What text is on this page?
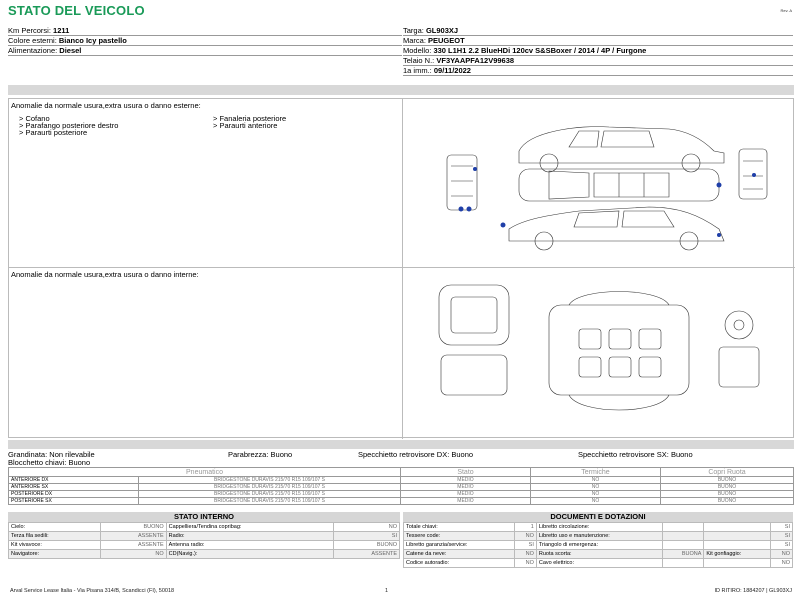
STATO DEL VEICOLO	Rev. A
Km Percorsi: 1211
Colore esterni: Bianco Icy pastello
Alimentazione: Diesel
Targa: GL903XJ
Marca: PEUGEOT
Modello: 330 L1H1 2.2 BlueHDi 120cv S&SBoxer / 2014 / 4P / Furgone
Telaio N.: VF3YAAPFA12V99638
1a imm.: 09/11/2022
Anomalie da normale usura,extra usura o danno esterne:
> Cofano
> Parafango posteriore destro
> Paraurti posteriore
> Fanaleria posteriore
> Paraurti anteriore
Anomalie da normale usura,extra usura o danno interne:
Grandinata: Non rilevabile	Parabrezza: Buono	Specchietto retrovisore DX: Buono	Specchietto retrovisore SX: Buono
Blocchetto chiavi: Buono
Pneumatico		Stato	Termiche	Copri Ruota
ANTERIORE DX	BRIDGESTONE DURAVIS 215/70 R15 109/107 S	MEDIO	NO	BUONO
ANTERIORE SX	BRIDGESTONE DURAVIS 215/70 R15 109/107 S	MEDIO	NO	BUONO
POSTERIORE DX	BRIDGESTONE DURAVIS 215/70 R15 109/107 S	MEDIO	NO	BUONO
POSTERIORE SX	BRIDGESTONE DURAVIS 215/70 R15 109/107 S	MEDIO	NO	BUONO
STATO INTERNO
Cielo:	BUONO	Cappelliera/Tendina copribag:	NO
Terza fila sedili:	ASSENTE	Radio:	SI
Kit vivavoce:	ASSENTE	Antenna radio:	BUONO
Navigatore:	NO	CD(Navig.):	ASSENTE
DOCUMENTI E DOTAZIONI
Totale chiavi:	1	Libretto circolazione:			SI
Tessere code:	NO	Libretto uso e manutenzione:			SI
Libretto garanzia/service:	SI	Triangolo di emergenza:			SI
Catene da neve:	NO	Ruota scorta:	BUONA	Kit gonfiaggio:	NO
Codice autoradio:	NO	Cavo elettrico:			NO
Arval Service Lease Italia - Via Pisana 314/B, Scandicci (FI), 50018	1	ID RITIRO: 1884207 | GL903XJ
